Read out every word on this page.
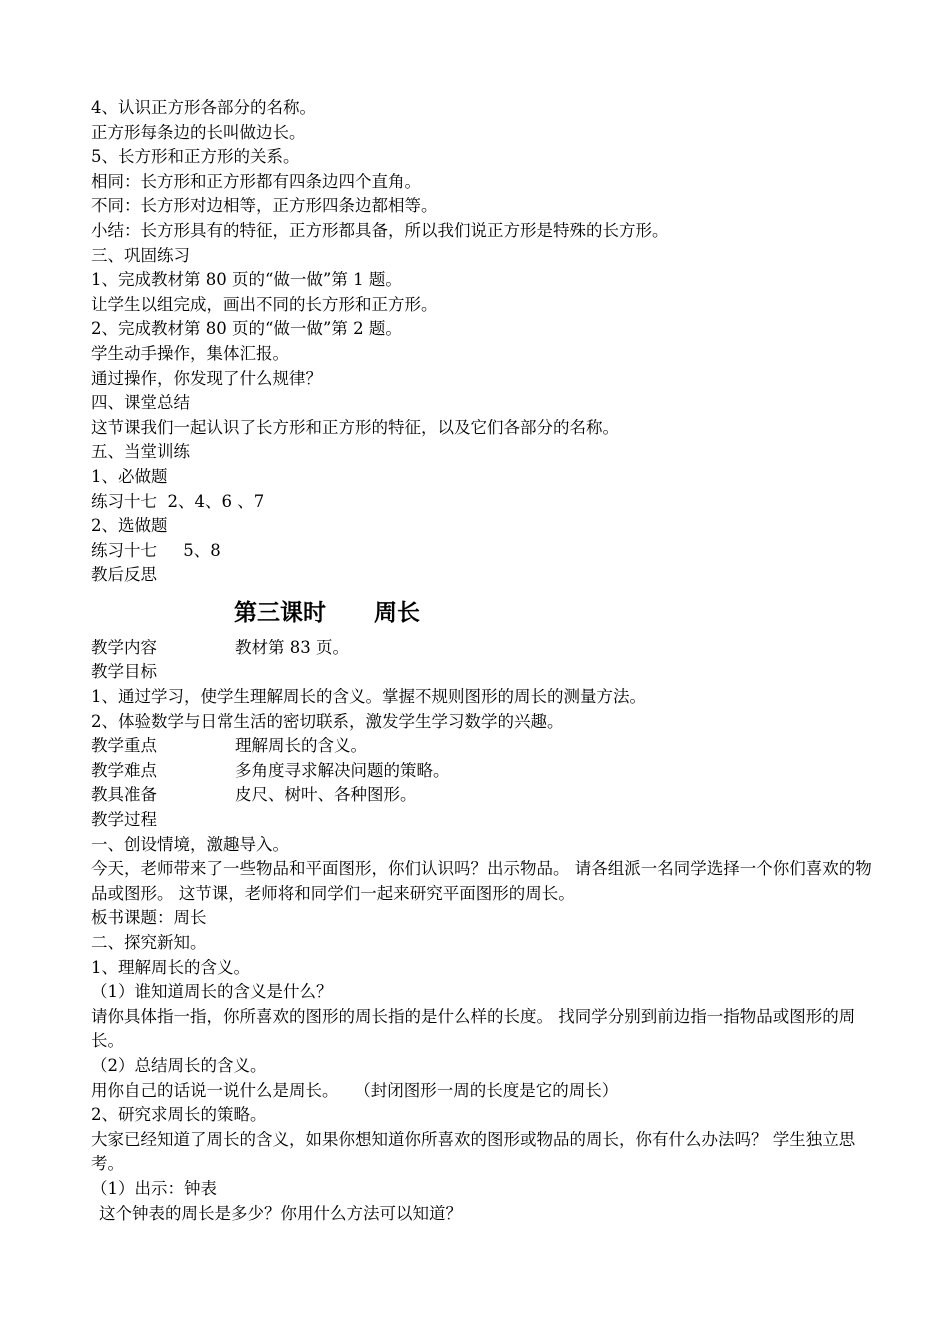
4、认识正方形各部分的名称。
正方形每条边的长叫做边长。
5、长方形和正方形的关系。
相同：长方形和正方形都有四条边四个直角。
不同：长方形对边相等，正方形四条边都相等。
小结：长方形具有的特征，正方形都具备，所以我们说正方形是特殊的长方形。
三、巩固练习
1、完成教材第 80 页的“做一做”第 1 题。
让学生以组完成，画出不同的长方形和正方形。
2、完成教材第 80 页的“做一做”第 2 题。
学生动手操作，集体汇报。
通过操作，你发现了什么规律？
四、课堂总结
这节课我们一起认识了长方形和正方形的特征，以及它们各部分的名称。
五、当堂训练
1、必做题
练习十七  2、4、6 、7
2、选做题
练习十七     5、8
教后反思
第三课时      周长
教学内容	教材第 83 页。
教学目标
1、通过学习，使学生理解周长的含义。掌握不规则图形的周长的测量方法。
2、体验数学与日常生活的密切联系，激发学生学习数学的兴趣。
教学重点	理解周长的含义。
教学难点	多角度寻求解决问题的策略。
教具准备	皮尺、树叶、各种图形。
教学过程
一、创设情境，激趣导入。
今天，老师带来了一些物品和平面图形，你们认识吗？出示物品。 请各组派一名同学选择一个你们喜欢的物品或图形。 这节课，老师将和同学们一起来研究平面图形的周长。
板书课题：周长
二、探究新知。
1、理解周长的含义。
（1）谁知道周长的含义是什么？
请你具体指一指，你所喜欢的图形的周长指的是什么样的长度。 找同学分别到前边指一指物品或图形的周长。
（2）总结周长的含义。
用你自己的话说一说什么是周长。   （封闭图形一周的长度是它的周长）
2、研究求周长的策略。
大家已经知道了周长的含义，如果你想知道你所喜欢的图形或物品的周长，你有什么办法吗？ 学生独立思考。
（1）出示：钟表
这个钟表的周长是多少？你用什么方法可以知道？
